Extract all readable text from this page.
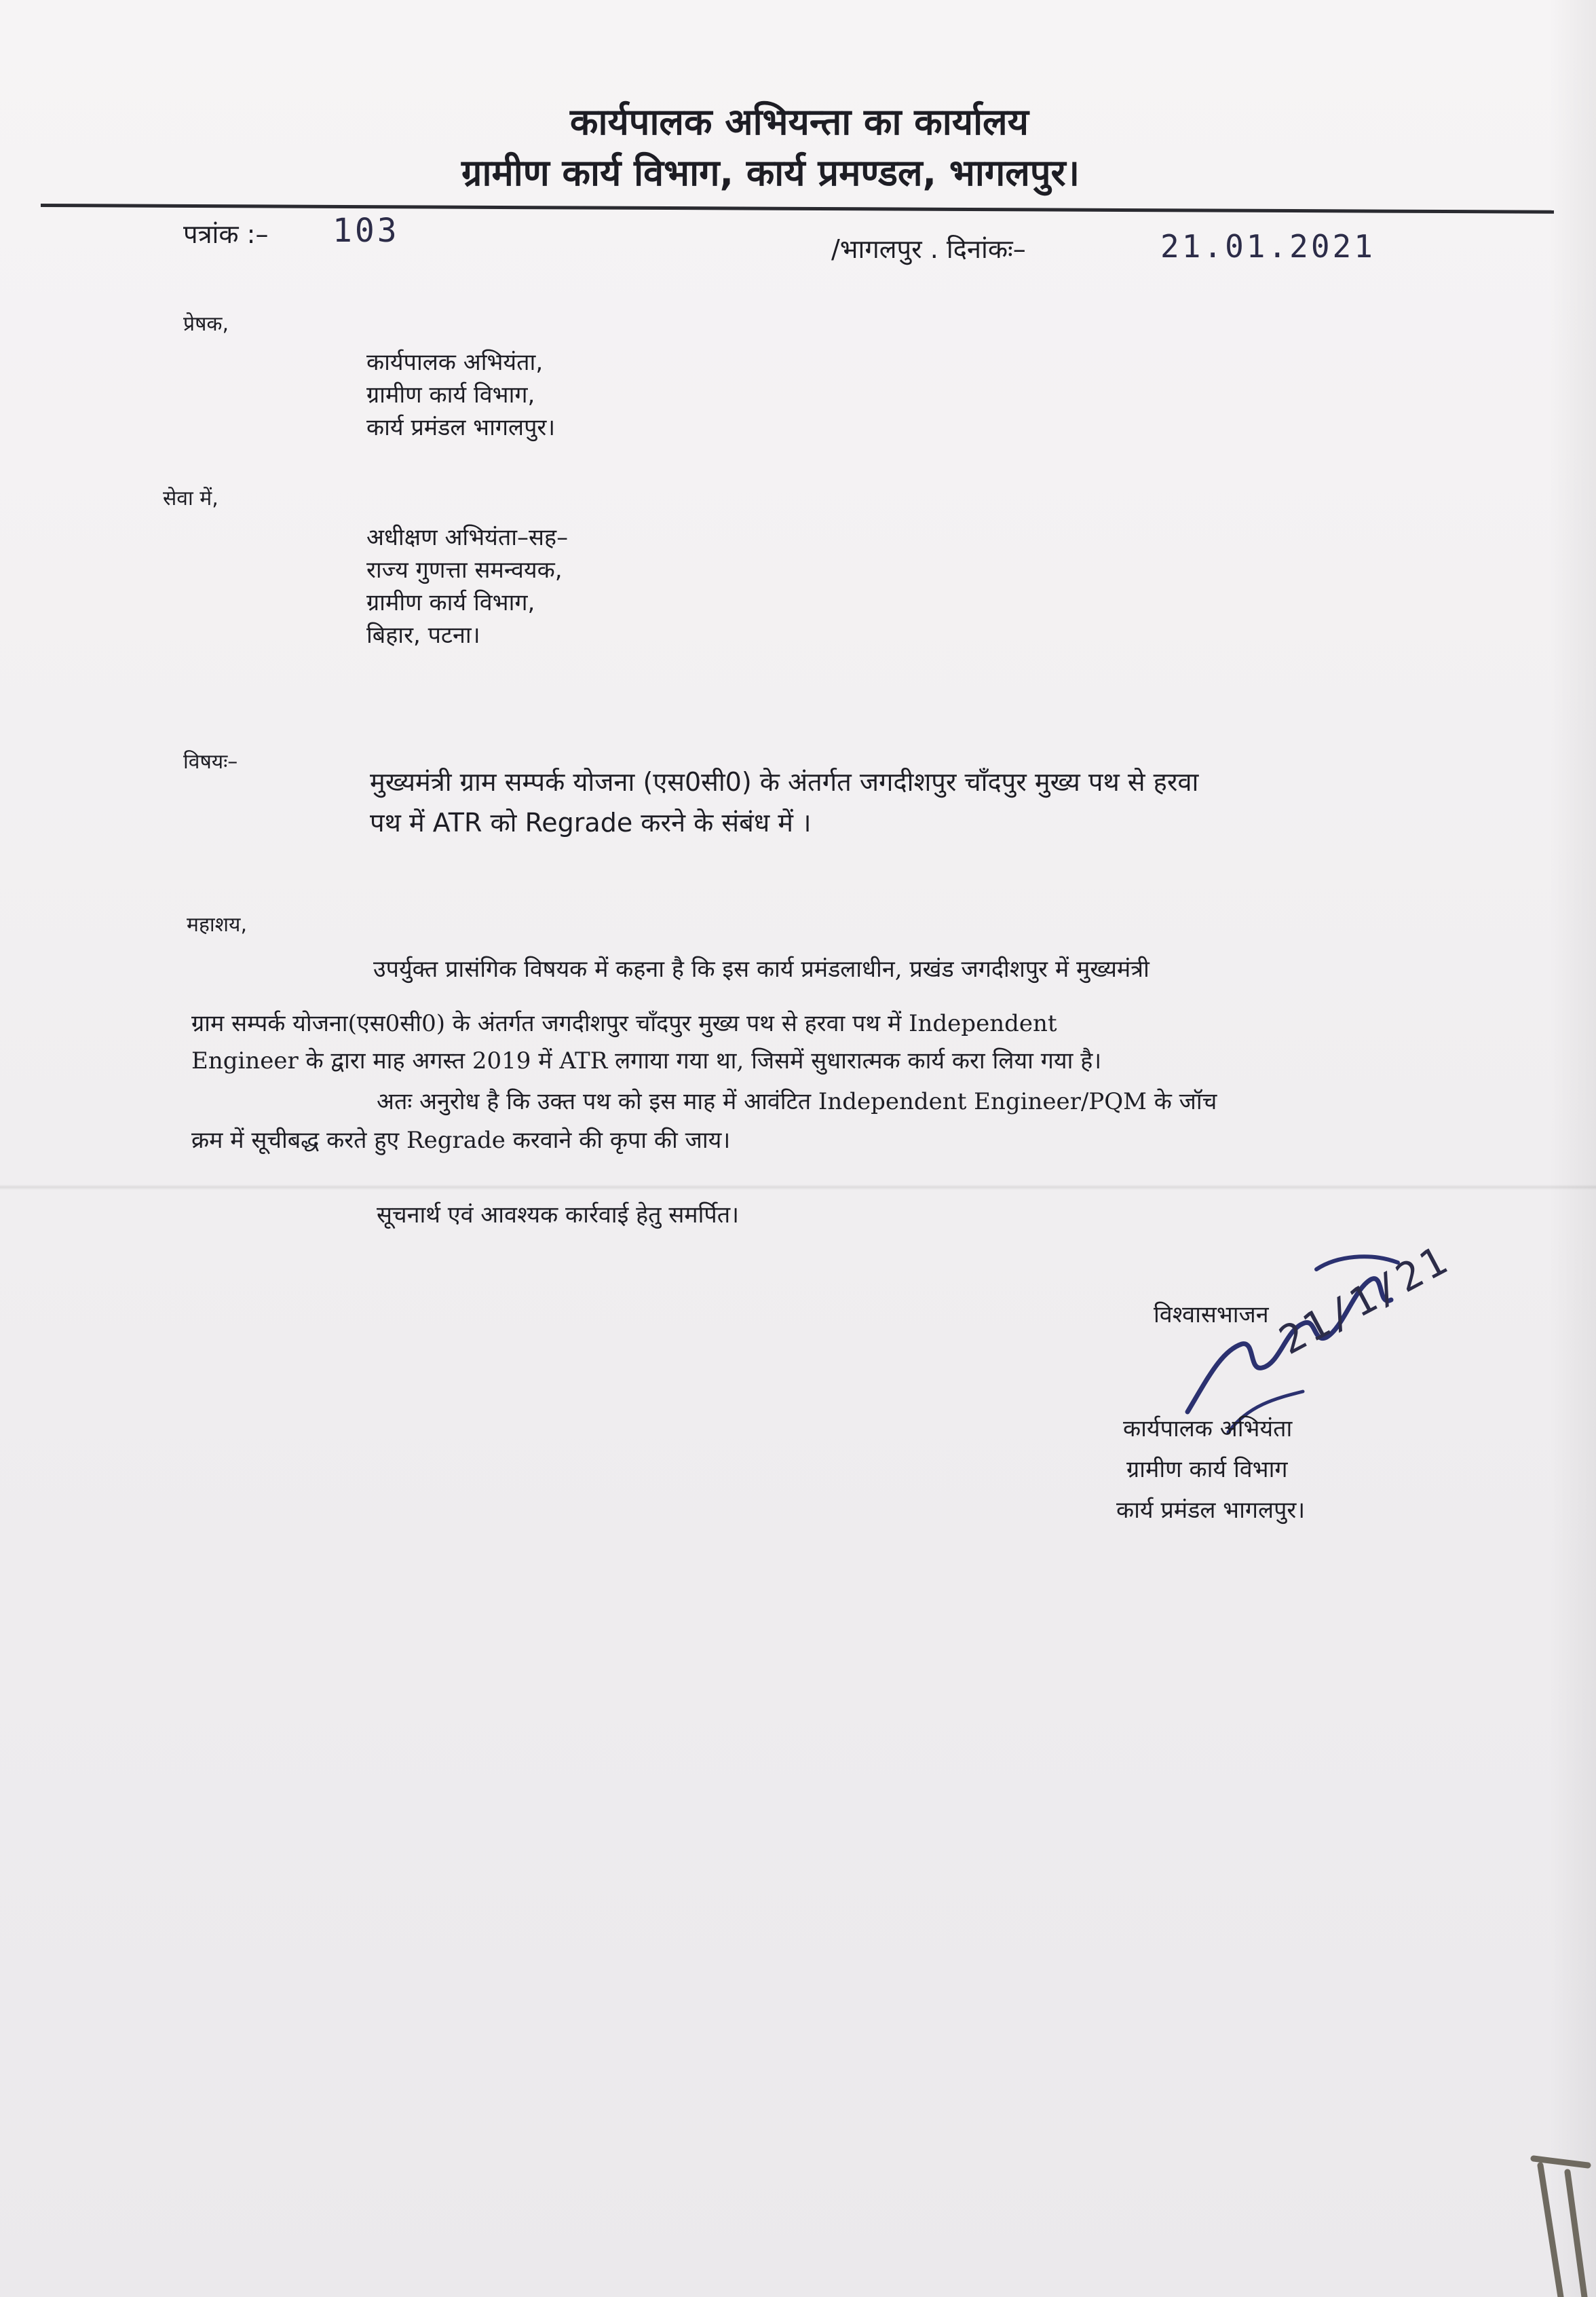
कार्यपालक अभियन्ता का कार्यालय
ग्रामीण कार्य विभाग, कार्य प्रमण्डल, भागलपुर।
पत्रांक :– 103	/भागलपुर . दिनांकः–	21.01.2021
प्रेषक,
कार्यपालक अभियंता,
ग्रामीण कार्य विभाग,
कार्य प्रमंडल भागलपुर।
सेवा में,
अधीक्षण अभियंता–सह–
राज्य गुणत्ता समन्वयक,
ग्रामीण कार्य विभाग,
बिहार, पटना।
विषयः–
मुख्यमंत्री ग्राम सम्पर्क योजना (एस0सी0) के अंतर्गत जगदीशपुर चाँदपुर मुख्य पथ से हरवा
पथ में ATR को Regrade करने के संबंध में ।
महाशय,
उपर्युक्त प्रासंगिक विषयक में कहना है कि इस कार्य प्रमंडलाधीन, प्रखंड जगदीशपुर में मुख्यमंत्री
ग्राम सम्पर्क योजना(एस0सी0) के अंतर्गत जगदीशपुर चाँदपुर मुख्य पथ से हरवा पथ में Independent
Engineer के द्वारा माह अगस्त 2019 में ATR लगाया गया था, जिसमें सुधारात्मक कार्य करा लिया गया है।
अतः अनुरोध है कि उक्त पथ को इस माह में आवंटित Independent Engineer/PQM के जॉच
क्रम में सूचीबद्ध करते हुए Regrade करवाने की कृपा की जाय।
सूचनार्थ एवं आवश्यक कार्रवाई हेतु समर्पित।
विश्वासभाजन 21/1/21
कार्यपालक अभियंता
ग्रामीण कार्य विभाग
कार्य प्रमंडल भागलपुर।
